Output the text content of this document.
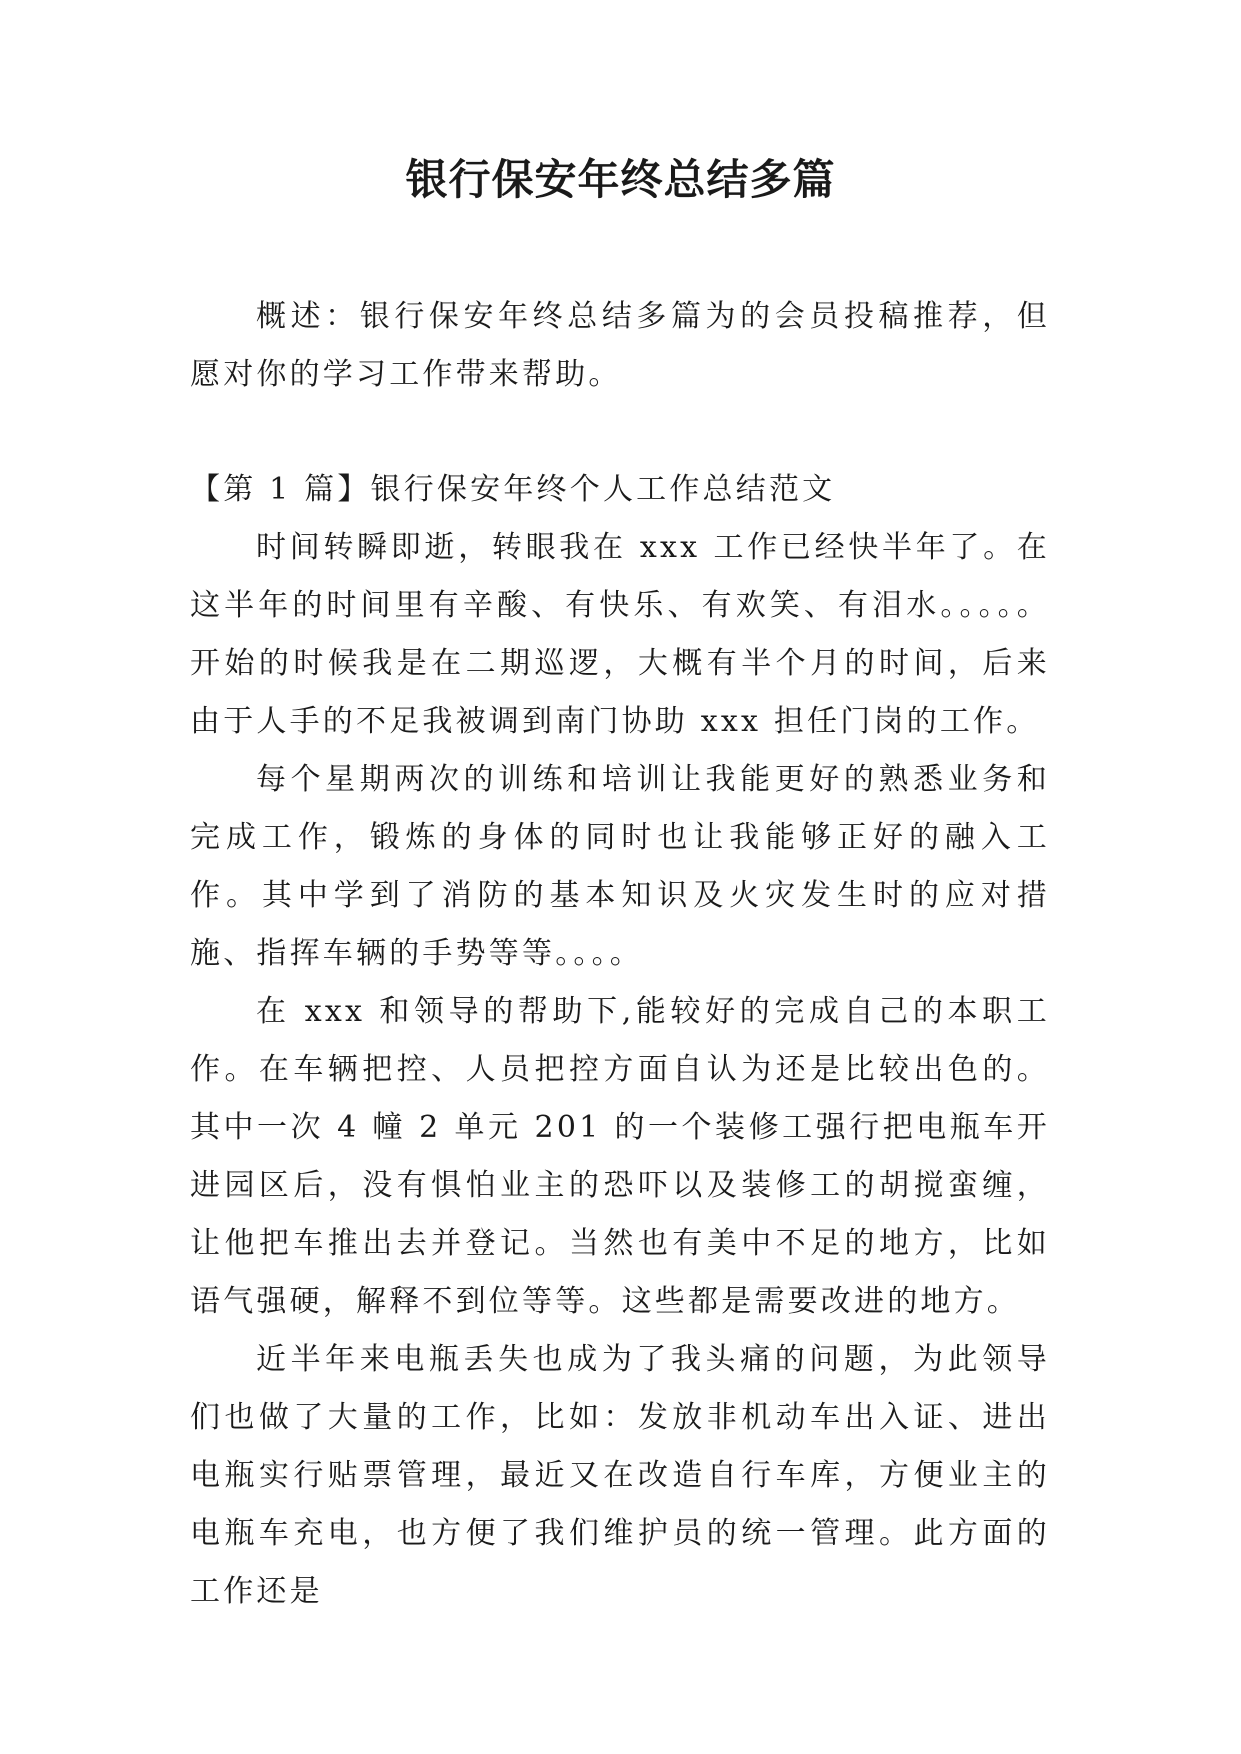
银行保安年终总结多篇

概述：银行保安年终总结多篇为的会员投稿推荐，但愿对你的学习工作带来帮助。

【第 1 篇】银行保安年终个人工作总结范文

时间转瞬即逝，转眼我在 xxx 工作已经快半年了。在这半年的时间里有辛酸、有快乐、有欢笑、有泪水。。。。。开始的时候我是在二期巡逻，大概有半个月的时间，后来由于人手的不足我被调到南门协助 xxx 担任门岗的工作。

每个星期两次的训练和培训让我能更好的熟悉业务和完成工作，锻炼的身体的同时也让我能够正好的融入工作。其中学到了消防的基本知识及火灾发生时的应对措施、指挥车辆的手势等等。。。。

在 xxx 和领导的帮助下,能较好的完成自己的本职工作。在车辆把控、人员把控方面自认为还是比较出色的。其中一次 4 幢 2 单元 201 的一个装修工强行把电瓶车开进园区后，没有惧怕业主的恐吓以及装修工的胡搅蛮缠，让他把车推出去并登记。当然也有美中不足的地方，比如语气强硬，解释不到位等等。这些都是需要改进的地方。

近半年来电瓶丢失也成为了我头痛的问题，为此领导们也做了大量的工作，比如：发放非机动车出入证、进出电瓶实行贴票管理，最近又在改造自行车库，方便业主的电瓶车充电，也方便了我们维护员的统一管理。此方面的工作还是
